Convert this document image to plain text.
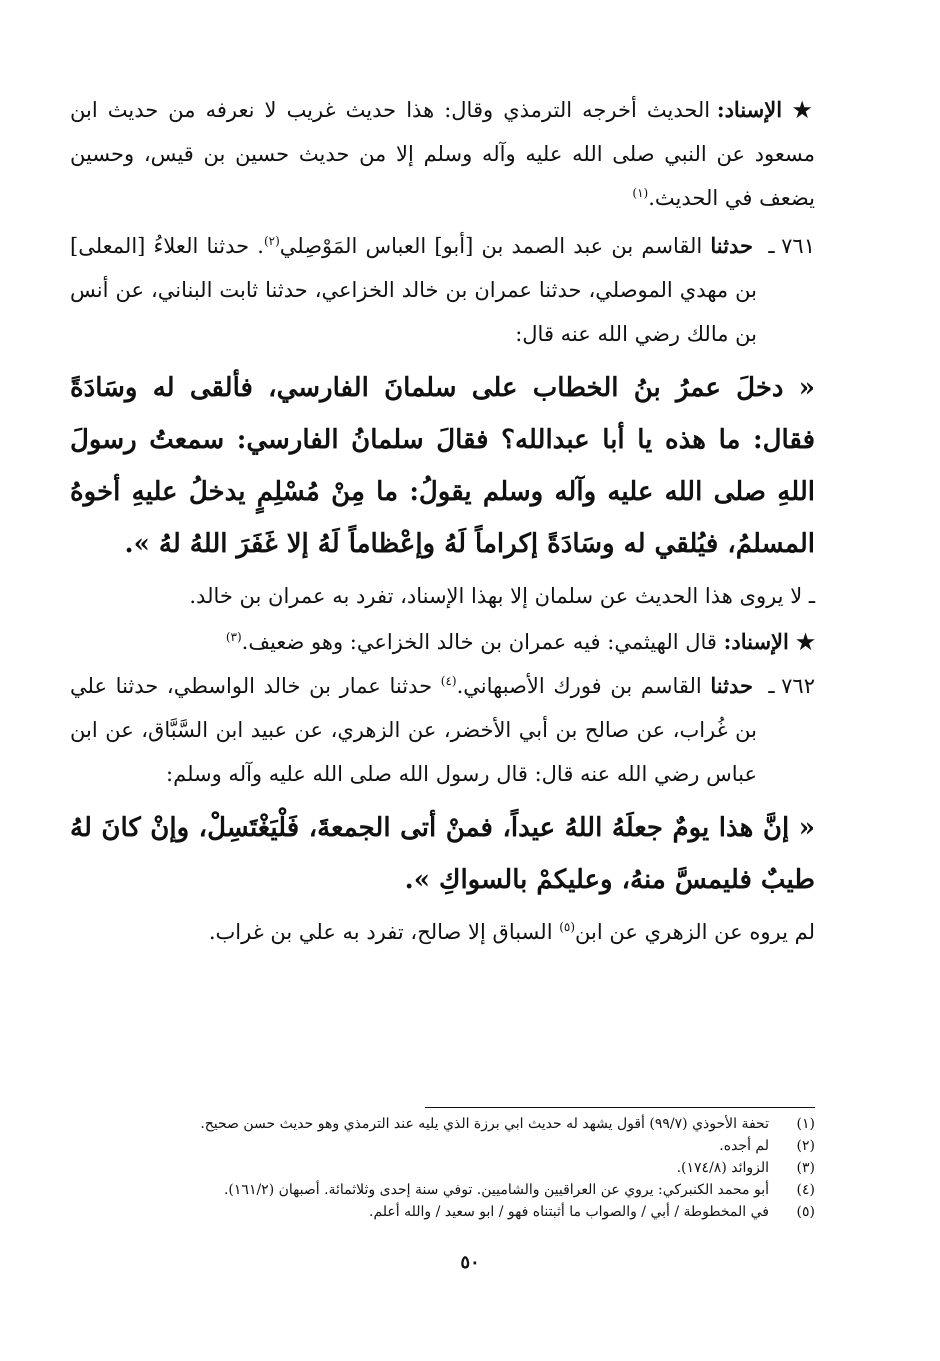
★ الإسناد: الحديث أخرجه الترمذي وقال: هذا حديث غريب لا نعرفه من حديث ابن مسعود عن النبي صلى الله عليه وآله وسلم إلا من حديث حسين بن قيس، وحسين يضعف في الحديث.$^{(١)}$

٧٦١ ـحدثنا القاسم بن عبد الصمد بن [أبو] العباس المَوْصِلي$^{(٢)}$. حدثنا العلاءُ [المعلى] بن مهدي الموصلي، حدثنا عمران بن خالد الخزاعي، حدثنا ثابت البناني، عن أنس بن مالك رضي الله عنه قال:

« دخلَ عمرُ بنُ الخطاب على سلمانَ الفارسي، فألقى له وسَادَةً فقال: ما هذه يا أبا عبدالله؟ فقالَ سلمانُ الفارسي: سمعتُ رسولَ اللهِ صلى الله عليه وآله وسلم يقولُ: ما مِنْ مُسْلِمٍ يدخلُ عليهِ أخوهُ المسلمُ، فيُلقي له وسَادَةً إكراماً لَهُ وإعْظاماً لَهُ إلا غَفَرَ اللهُ لهُ ».

ـ لا يروى هذا الحديث عن سلمان إلا بهذا الإسناد، تفرد به عمران بن خالد.

★ الإسناد: قال الهيثمي: فيه عمران بن خالد الخزاعي: وهو ضعيف.$^{(٣)}$

٧٦٢ ـحدثنا القاسم بن فورك الأصبهاني.$^{(٤)}$ حدثنا عمار بن خالد الواسطي، حدثنا علي بن غُراب، عن صالح بن أبي الأخضر، عن الزهري، عن عبيد ابن السَّبَّاق، عن ابن عباس رضي الله عنه قال: قال رسول الله صلى الله عليه وآله وسلم:

« إنَّ هذا يومٌ جعلَهُ اللهُ عيداً، فمنْ أتى الجمعةَ، فَلْيَغْتَسِلْ، وإنْ كانَ لهُ طيبٌ فليمسَّ منهُ، وعليكمْ بالسواكِ ».

لم يروه عن الزهري عن ابن$^{(٥)}$ السباق إلا صالح، تفرد به علي بن غراب.

(١)
تحفة الأحوذي (٩٩/٧) أقول يشهد له حديث ابي برزة الذي يليه عند الترمذي وهو حديث حسن صحيح.
(٢)
لم أجده.
(٣)
الزوائد (١٧٤/٨).
(٤)
أبو محمد الكنبركي: يروي عن العراقيين والشاميين. توفي سنة إحدى وثلاثمائة. أصبهان (١٦١/٢).
(٥)
في المخطوطة / أبي / والصواب ما أثبتناه فهو / ابو سعيد / والله أعلم.
٥٠
